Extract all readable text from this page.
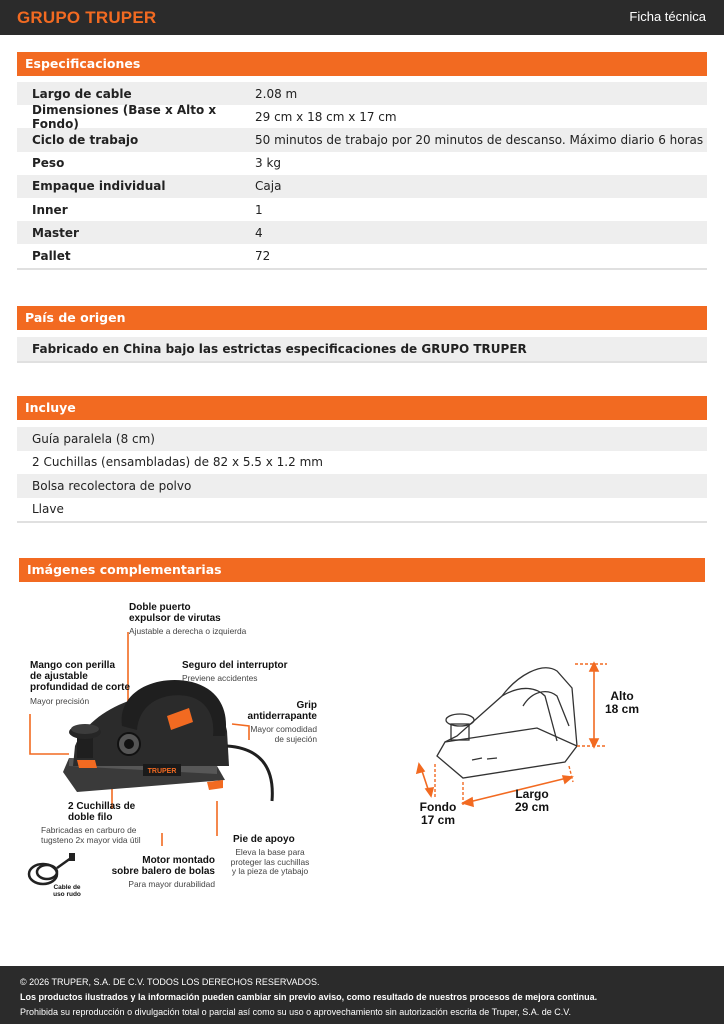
GRUPO TRUPER	Ficha técnica
Especificaciones
Largo de cable	2.08 m
Dimensiones (Base x Alto x Fondo)	29 cm x 18 cm x 17 cm
Ciclo de trabajo	50 minutos de trabajo por 20 minutos de descanso. Máximo diario 6 horas
Peso	3 kg
Empaque individual	Caja
Inner	1
Master	4
Pallet	72
País de origen
Fabricado en China bajo las estrictas especificaciones de GRUPO TRUPER
Incluye
Guía paralela (8 cm)
2 Cuchillas (ensambladas) de 82 x 5.5 x 1.2 mm
Bolsa recolectora de polvo
Llave
Imágenes complementarias
TRUPER
Doble puerto
expulsor de virutas
Ajustable a derecha o izquierda
Mango con perilla
de ajustable
profundidad de corte
Mayor precisión
Seguro del interruptor
Previene accidentes
Grip
antiderrapante
Mayor comodidad
de sujeción
2 Cuchillas de
doble filo
Fabricadas en carburo de
tugsteno 2x mayor vida útil	Pie de apoyo
Eleva la base para
proteger las cuchillas
y la pieza de ytabajo
Motor montado
sobre balero de bolas
Para mayor durabilidad
Cable de
uso rudo
Alto
18 cm
Largo
29 cm
Fondo
17 cm
© 2026 TRUPER, S.A. DE C.V. TODOS LOS DERECHOS RESERVADOS.
Los productos ilustrados y la información pueden cambiar sin previo aviso, como resultado de nuestros procesos de mejora continua.
Prohibida su reproducción o divulgación total o parcial así como su uso o aprovechamiento sin autorización escrita de Truper, S.A. de C.V.
